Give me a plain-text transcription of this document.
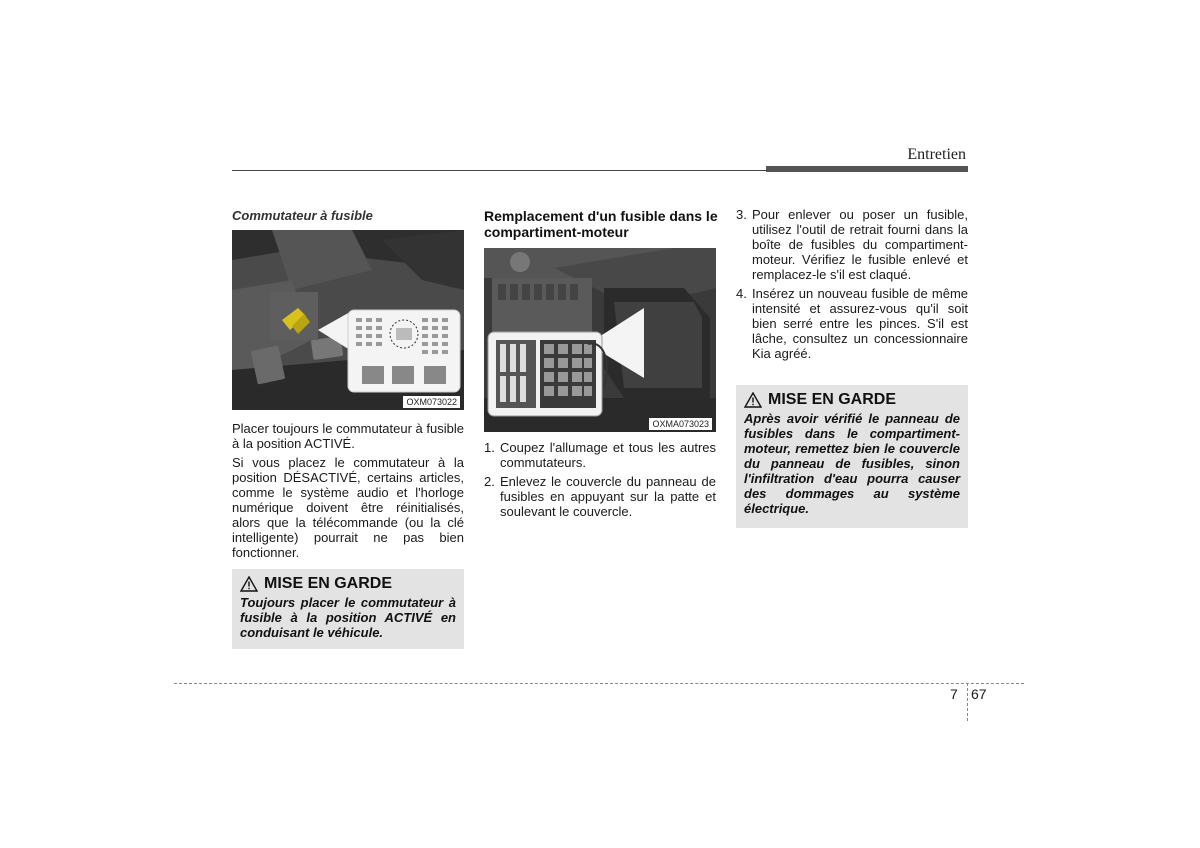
Entretien
Commutateur à fusible
OXM073022

Placer toujours le commutateur à fusible à la position ACTIVÉ.

Si vous placez le commutateur à la position DÉSACTIVÉ, certains articles, comme le système audio et l'horloge numérique doivent être réinitialisés, alors que la télécommande (ou la clé intelligente) pourrait ne pas bien fonctionner.

MISE EN GARDE
Toujours placer le commutateur à fusible à la position ACTIVÉ en conduisant le véhicule.
Remplacement d'un fusible dans le compartiment-moteur
OXMA073023
1. Coupez l'allumage et tous les autres commutateurs.
2. Enlevez le couvercle du panneau de fusibles en appuyant sur la patte et soulevant le couvercle.
3. Pour enlever ou poser un fusible, utilisez l'outil de retrait fourni dans la boîte de fusibles du compartiment-moteur. Vérifiez le fusible enlevé et remplacez-le s'il est claqué.
4. Insérez un nouveau fusible de même intensité et assurez-vous qu'il soit bien serré entre les pinces. S'il est lâche, consultez un concessionnaire Kia agréé.
MISE EN GARDE
Après avoir vérifié le panneau de fusibles dans le compartiment-moteur, remettez bien le couvercle du panneau de fusibles, sinon l'infiltration d'eau pourra causer des dommages au système électrique.
7 67
